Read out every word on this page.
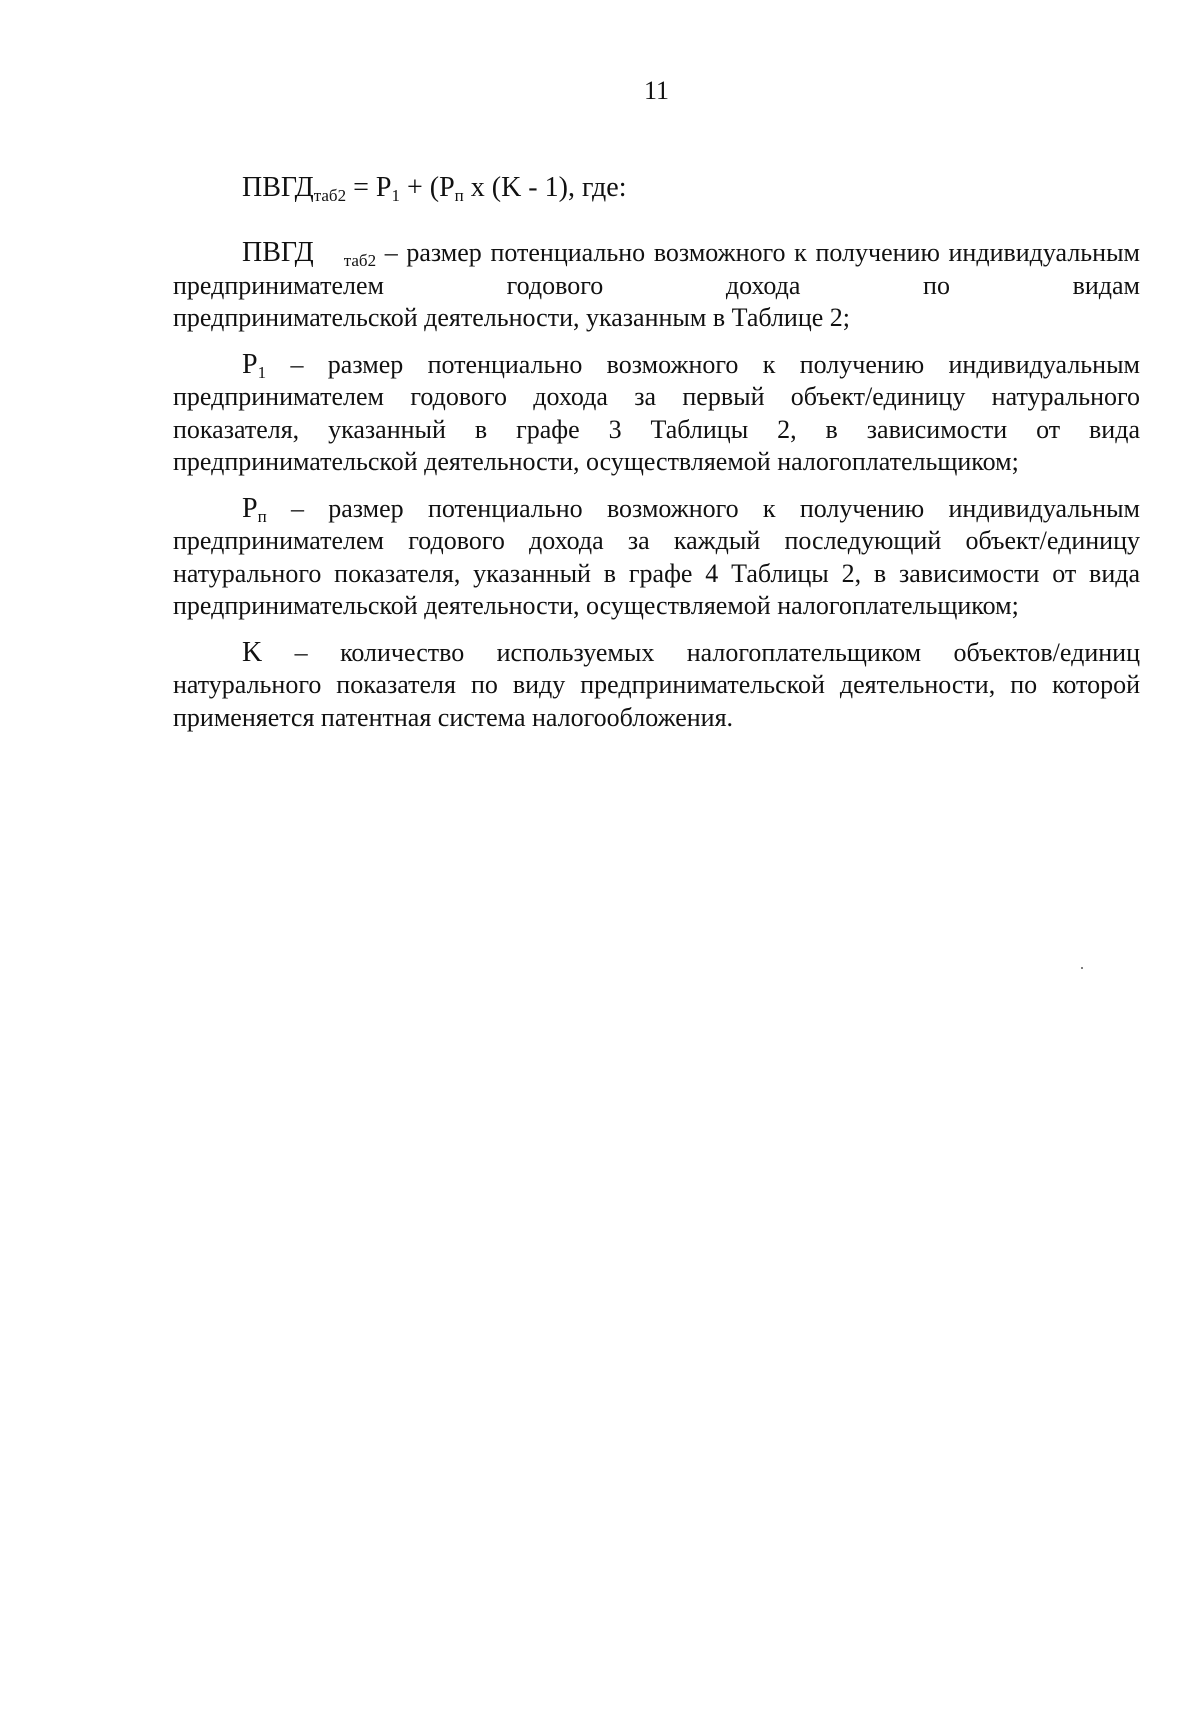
11
$ПВГД_{таб2} = P_1 + (P_п$ x (K - 1), где:

ПВГД $_{таб2}$ – размер потенциально возможного к получению индивидуальным предпринимателем годового дохода по видам
предпринимательской деятельности, указанным в Таблице 2;

$P_1$ – размер потенциально возможного к получению индивидуальным предпринимателем годового дохода за первый объект/единицу натурального показателя, указанный в графе 3 Таблицы 2, в зависимости от вида предпринимательской деятельности, осуществляемой налогоплательщиком;

$P_п$ – размер потенциально возможного к получению индивидуальным предпринимателем годового дохода за каждый последующий объект/единицу натурального показателя, указанный в графе 4 Таблицы 2, в зависимости от вида предпринимательской деятельности, осуществляемой налогоплательщиком;

K – количество используемых налогоплательщиком объектов/единиц натурального показателя по виду предпринимательской деятельности, по которой применяется патентная система налогообложения.
